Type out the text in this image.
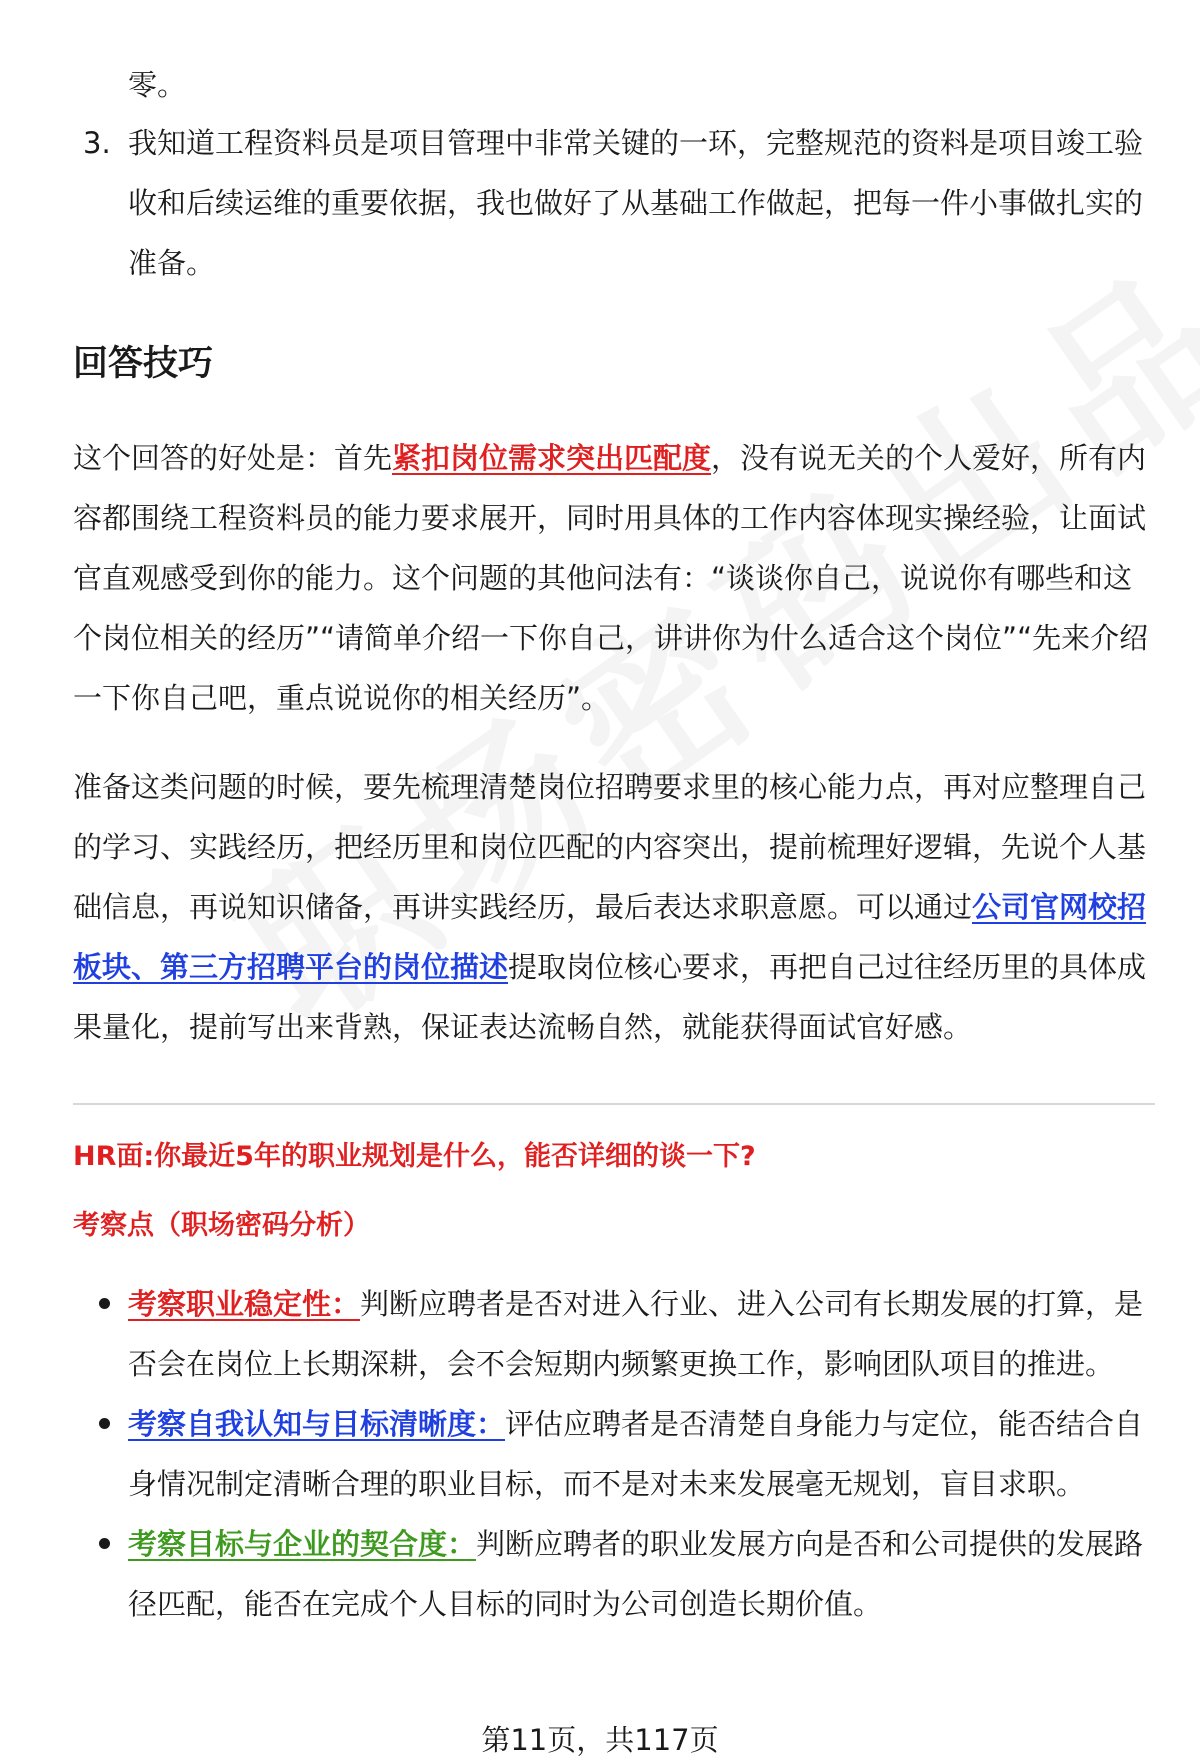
零。
3. 我知道工程资料员是项目管理中非常关键的一环，完整规范的资料是项目竣工验收和后续运维的重要依据，我也做好了从基础工作做起，把每一件小事做扎实的准备。
回答技巧
这个回答的好处是：首先紧扣岗位需求突出匹配度，没有说无关的个人爱好，所有内容都围绕工程资料员的能力要求展开，同时用具体的工作内容体现实操经验，让面试官直观感受到你的能力。这个问题的其他问法有：“谈谈你自己，说说你有哪些和这个岗位相关的经历”“请简单介绍一下你自己，讲讲你为什么适合这个岗位”“先来介绍一下你自己吧，重点说说你的相关经历”。
准备这类问题的时候，要先梳理清楚岗位招聘要求里的核心能力点，再对应整理自己的学习、实践经历，把经历里和岗位匹配的内容突出，提前梳理好逻辑，先说个人基础信息，再说知识储备，再讲实践经历，最后表达求职意愿。可以通过公司官网校招板块、第三方招聘平台的岗位描述提取岗位核心要求，再把自己过往经历里的具体成果量化，提前写出来背熟，保证表达流畅自然，就能获得面试官好感。
HR面:你最近5年的职业规划是什么，能否详细的谈一下?
考察点（职场密码分析）
考察职业稳定性：判断应聘者是否对进入行业、进入公司有长期发展的打算，是否会在岗位上长期深耕，会不会短期内频繁更换工作，影响团队项目的推进。
考察自我认知与目标清晰度：评估应聘者是否清楚自身能力与定位，能否结合自身情况制定清晰合理的职业目标，而不是对未来发展毫无规划，盲目求职。
考察目标与企业的契合度：判断应聘者的职业发展方向是否和公司提供的发展路径匹配，能否在完成个人目标的同时为公司创造长期价值。
第11页，共117页
